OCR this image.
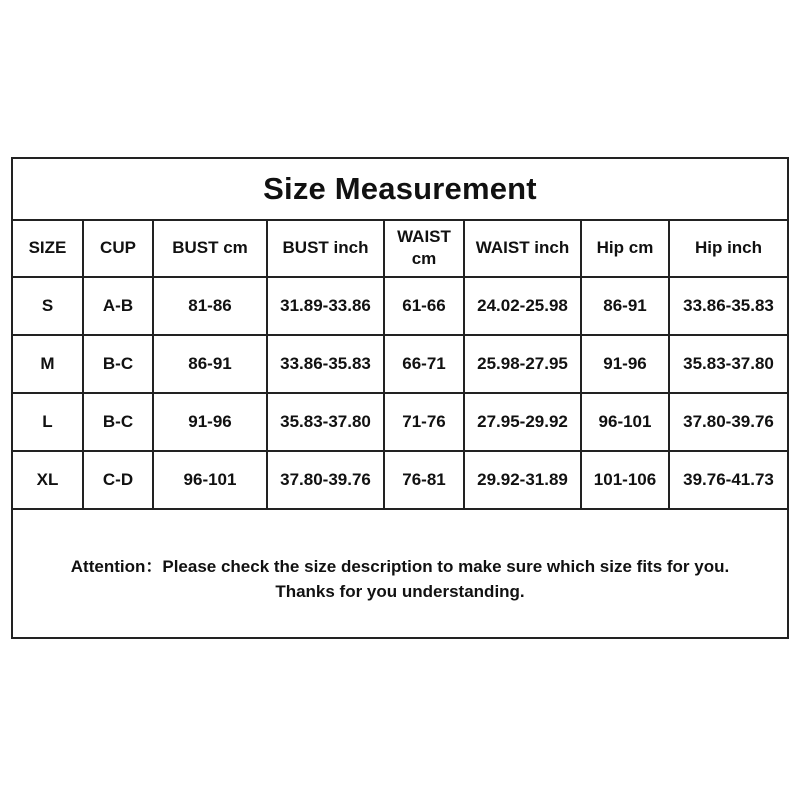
Size Measurement
SIZE	CUP	BUST cm	BUST inch	WAIST cm	WAIST inch	Hip cm	Hip inch
S	A-B	81-86	31.89-33.86	61-66	24.02-25.98	86-91	33.86-35.83
M	B-C	86-91	33.86-35.83	66-71	25.98-27.95	91-96	35.83-37.80
L	B-C	91-96	35.83-37.80	71-76	27.95-29.92	96-101	37.80-39.76
XL	C-D	96-101	37.80-39.76	76-81	29.92-31.89	101-106	39.76-41.73
Attention：Please check the size description to make sure which size fits for you.
Thanks for you understanding.
